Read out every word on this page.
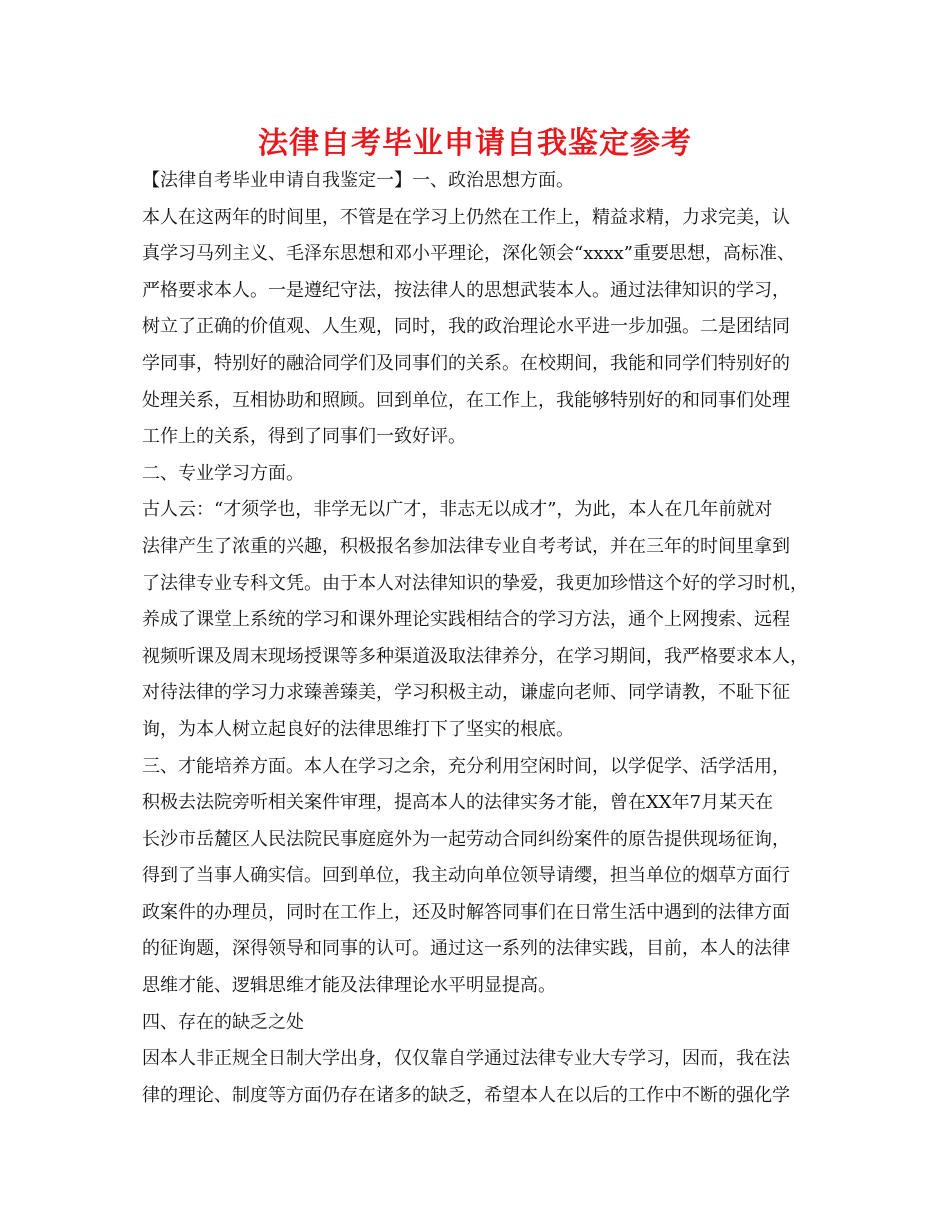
法律自考毕业申请自我鉴定参考
【法律自考毕业申请自我鉴定一】一、政治思想方面。
本人在这两年的时间里，不管是在学习上仍然在工作上，精益求精，力求完美，认
真学习马列主义、毛泽东思想和邓小平理论，深化领会“xxxx”重要思想，高标准、
严格要求本人。一是遵纪守法，按法律人的思想武装本人。通过法律知识的学习，
树立了正确的价值观、人生观，同时，我的政治理论水平进一步加强。二是团结同
学同事，特别好的融洽同学们及同事们的关系。在校期间，我能和同学们特别好的
处理关系，互相协助和照顾。回到单位，在工作上，我能够特别好的和同事们处理
工作上的关系，得到了同事们一致好评。
二、专业学习方面。
古人云：“才须学也，非学无以广才，非志无以成才”，为此，本人在几年前就对
法律产生了浓重的兴趣，积极报名参加法律专业自考考试，并在三年的时间里拿到
了法律专业专科文凭。由于本人对法律知识的挚爱，我更加珍惜这个好的学习时机，
养成了课堂上系统的学习和课外理论实践相结合的学习方法，通个上网搜索、远程
视频听课及周末现场授课等多种渠道汲取法律养分，在学习期间，我严格要求本人，
对待法律的学习力求臻善臻美，学习积极主动，谦虚向老师、同学请教，不耻下征
询，为本人树立起良好的法律思维打下了坚实的根底。
三、才能培养方面。本人在学习之余，充分利用空闲时间，以学促学、活学活用，
积极去法院旁听相关案件审理，提高本人的法律实务才能，曾在XX年7月某天在
长沙市岳麓区人民法院民事庭庭外为一起劳动合同纠纷案件的原告提供现场征询，
得到了当事人确实信。回到单位，我主动向单位领导请缨，担当单位的烟草方面行
政案件的办理员，同时在工作上，还及时解答同事们在日常生活中遇到的法律方面
的征询题，深得领导和同事的认可。通过这一系列的法律实践，目前，本人的法律
思维才能、逻辑思维才能及法律理论水平明显提高。
四、存在的缺乏之处
因本人非正规全日制大学出身，仅仅靠自学通过法律专业大专学习，因而，我在法
律的理论、制度等方面仍存在诸多的缺乏，希望本人在以后的工作中不断的强化学
